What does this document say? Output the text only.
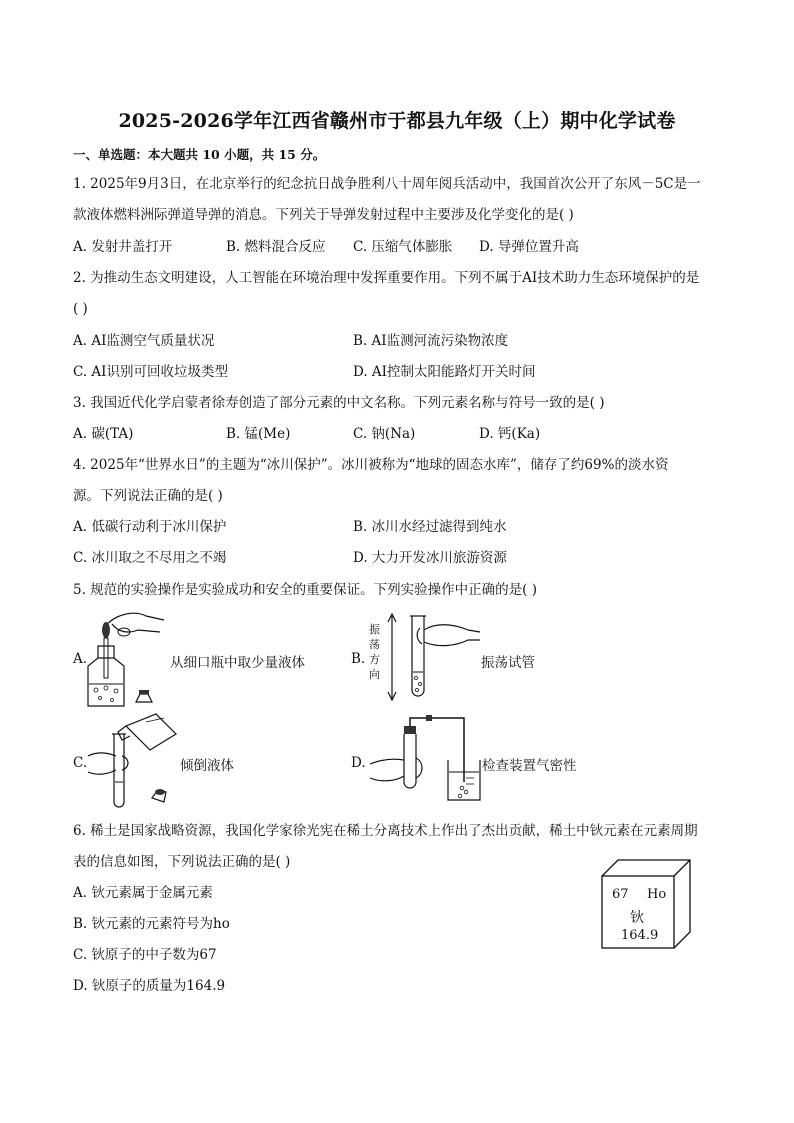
2025-2026学年江西省赣州市于都县九年级（上）期中化学试卷
一、单选题：本大题共 10 小题，共 15 分。
1. 2025年9月3日，在北京举行的纪念抗日战争胜利八十周年阅兵活动中，我国首次公开了东风－5C是一
款液体燃料洲际弹道导弹的消息。下列关于导弹发射过程中主要涉及化学变化的是( )
A. 发射井盖打开	B. 燃料混合反应 C. 压缩气体膨胀 D. 导弹位置升高
2. 为推动生态文明建设，人工智能在环境治理中发挥重要作用。下列不属于AI技术助力生态环境保护的是
( )
A. AI监测空气质量状况	B. AI监测河流污染物浓度
C. AI识别可回收垃圾类型	D. AI控制太阳能路灯开关时间
3. 我国近代化学启蒙者徐寿创造了部分元素的中文名称。下列元素名称与符号一致的是( )
A. 碳(TA)	B. 锰(Me)	C. 钠(Na)	D. 钙(Ka)
4. 2025年“世界水日”的主题为“冰川保护”。冰川被称为“地球的固态水库”，储存了约69%的淡水资
源。下列说法正确的是( )
A. 低碳行动利于冰川保护	B. 冰川水经过滤得到纯水
C. 冰川取之不尽用之不竭	D. 大力开发冰川旅游资源
5. 规范的实验操作是实验成功和安全的重要保证。下列实验操作中正确的是( )
A.	从细口瓶中取少量液体	B.
振
荡
方
向
振荡试管
C.	倾倒液体	D.	检查装置气密性
6. 稀土是国家战略资源，我国化学家徐光宪在稀土分离技术上作出了杰出贡献，稀土中钬元素在元素周期
表的信息如图，下列说法正确的是( )
A. 钬元素属于金属元素
B. 钬元素的元素符号为ho
C. 钬原子的中子数为67
D. 钬原子的质量为164.9
67 Ho
钬
164.9
